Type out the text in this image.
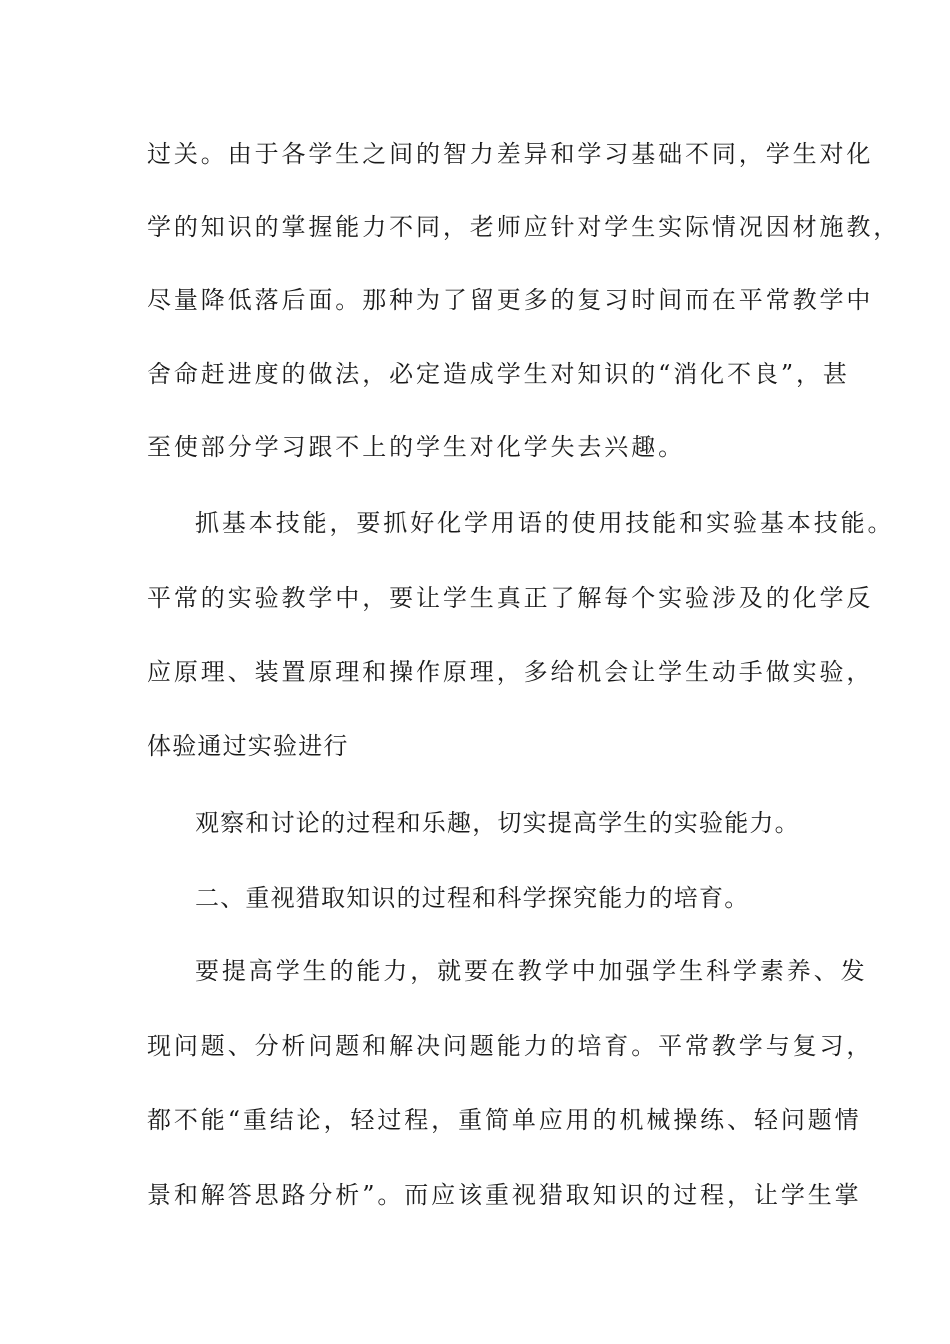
过关。由于各学生之间的智力差异和学习基础不同，学生对化
学的知识的掌握能力不同，老师应针对学生实际情况因材施教，
尽量降低落后面。那种为了留更多的复习时间而在平常教学中
舍命赶进度的做法，必定造成学生对知识的“消化不良”，甚
至使部分学习跟不上的学生对化学失去兴趣。
抓基本技能，要抓好化学用语的使用技能和实验基本技能。
平常的实验教学中，要让学生真正了解每个实验涉及的化学反
应原理、装置原理和操作原理，多给机会让学生动手做实验，
体验通过实验进行
观察和讨论的过程和乐趣，切实提高学生的实验能力。
二、重视猎取知识的过程和科学探究能力的培育。
要提高学生的能力，就要在教学中加强学生科学素养、发
现问题、分析问题和解决问题能力的培育。平常教学与复习，
都不能“重结论，轻过程，重简单应用的机械操练、轻问题情
景和解答思路分析”。而应该重视猎取知识的过程，让学生掌
